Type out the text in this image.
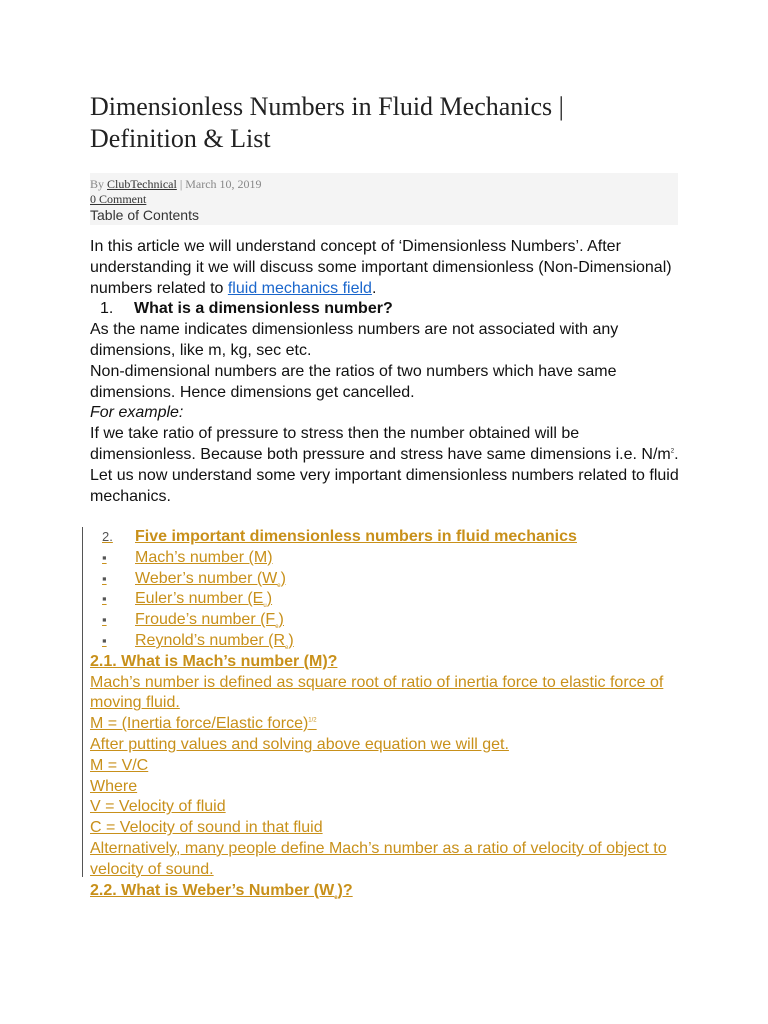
Dimensionless Numbers in Fluid Mechanics |
Definition & List
By ClubTechnical | March 10, 2019
0 Comment
Table of Contents

In this article we will understand concept of ‘Dimensionless Numbers’. After understanding it we will discuss some important dimensionless (Non-Dimensional) numbers related to fluid mechanics field.

1. What is a dimensionless number?

As the name indicates dimensionless numbers are not associated with any dimensions, like m, kg, sec etc.

Non-dimensional numbers are the ratios of two numbers which have same dimensions. Hence dimensions get cancelled.

For example:

If we take ratio of pressure to stress then the number obtained will be dimensionless. Because both pressure and stress have same dimensions i.e. $N/m^2$.

Let us now understand some very important dimensionless numbers related to fluid mechanics.

2.	Five important dimensionless numbers in fluid mechanics

▪	Mach’s number (M)

▪	Weber’s number $(W_e)$

▪	Euler’s number $(E_u)$

▪	Froude’s number $(F_e)$

▪	Reynold’s number $(R_e)$

2.1. What is Mach’s number (M)?

Mach’s number is defined as square root of ratio of inertia force to elastic force of moving fluid.

M = (Inertia force/Elastic force)$^{1/2}$

After putting values and solving above equation we will get.

M = V/C

Where

V = Velocity of fluid

C = Velocity of sound in that fluid

Alternatively, many people define Mach’s number as a ratio of velocity of object to velocity of sound.

2.2. What is Weber’s Number $(W_e)$?
